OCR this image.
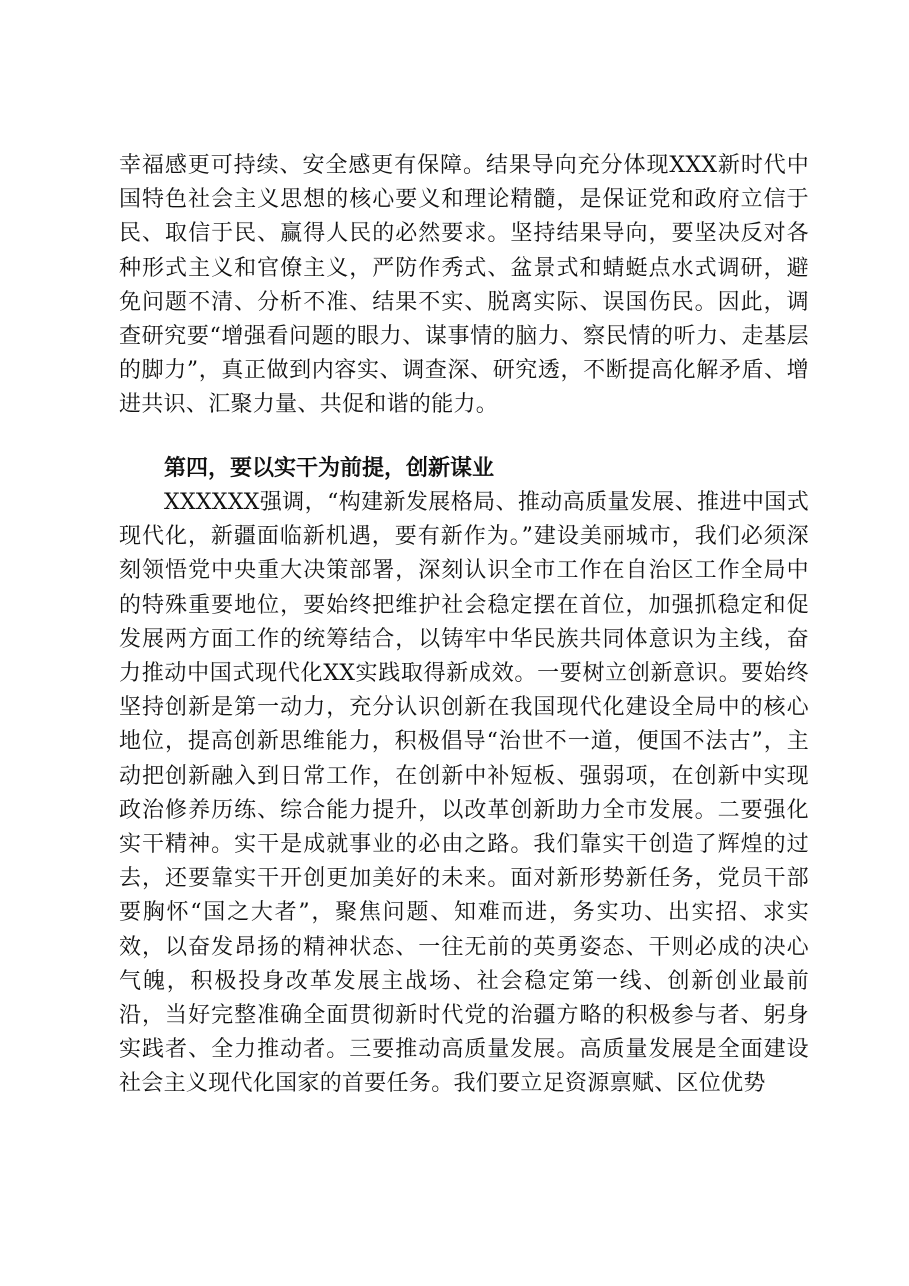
幸福感更可持续、安全感更有保障。结果导向充分体现XXX新时代中国特色社会主义思想的核心要义和理论精髓，是保证党和政府立信于民、取信于民、赢得人民的必然要求。坚持结果导向，要坚决反对各种形式主义和官僚主义，严防作秀式、盆景式和蜻蜓点水式调研，避免问题不清、分析不准、结果不实、脱离实际、误国伤民。因此，调查研究要“增强看问题的眼力、谋事情的脑力、察民情的听力、走基层的脚力”，真正做到内容实、调查深、研究透，不断提高化解矛盾、增进共识、汇聚力量、共促和谐的能力。

第四，要以实干为前提，创新谋业

XXXXXX强调，“构建新发展格局、推动高质量发展、推进中国式现代化，新疆面临新机遇，要有新作为。”建设美丽城市，我们必须深刻领悟党中央重大决策部署，深刻认识全市工作在自治区工作全局中的特殊重要地位，要始终把维护社会稳定摆在首位，加强抓稳定和促发展两方面工作的统筹结合，以铸牢中华民族共同体意识为主线，奋力推动中国式现代化XX实践取得新成效。一要树立创新意识。要始终坚持创新是第一动力，充分认识创新在我国现代化建设全局中的核心地位，提高创新思维能力，积极倡导“治世不一道，便国不法古”，主动把创新融入到日常工作，在创新中补短板、强弱项，在创新中实现政治修养历练、综合能力提升，以改革创新助力全市发展。二要强化实干精神。实干是成就事业的必由之路。我们靠实干创造了辉煌的过去，还要靠实干开创更加美好的未来。面对新形势新任务，党员干部要胸怀“国之大者”，聚焦问题、知难而进，务实功、出实招、求实效，以奋发昂扬的精神状态、一往无前的英勇姿态、干则必成的决心气魄，积极投身改革发展主战场、社会稳定第一线、创新创业最前沿，当好完整准确全面贯彻新时代党的治疆方略的积极参与者、躬身实践者、全力推动者。三要推动高质量发展。高质量发展是全面建设社会主义现代化国家的首要任务。我们要立足资源禀赋、区位优势
